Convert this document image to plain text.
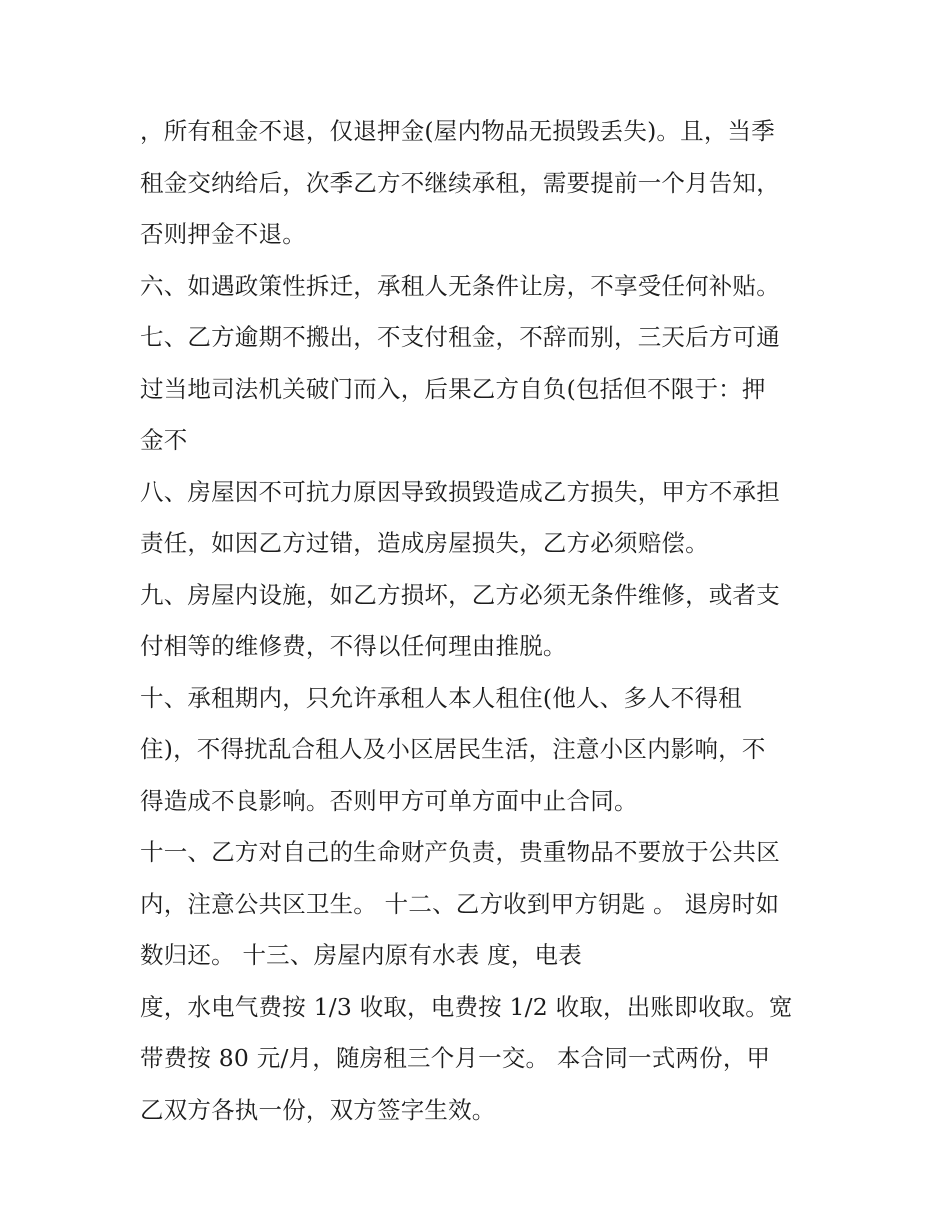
，所有租金不退，仅退押金(屋内物品无损毁丢失)。且，当季
租金交纳给后，次季乙方不继续承租，需要提前一个月告知，
否则押金不退。
六、如遇政策性拆迁，承租人无条件让房，不享受任何补贴。
七、乙方逾期不搬出，不支付租金，不辞而别，三天后方可通
过当地司法机关破门而入，后果乙方自负(包括但不限于：押
金不
八、房屋因不可抗力原因导致损毁造成乙方损失，甲方不承担
责任，如因乙方过错，造成房屋损失，乙方必须赔偿。
九、房屋内设施，如乙方损坏，乙方必须无条件维修，或者支
付相等的维修费，不得以任何理由推脱。
十、承租期内，只允许承租人本人租住(他人、多人不得租
住)，不得扰乱合租人及小区居民生活，注意小区内影响，不
得造成不良影响。否则甲方可单方面中止合同。
十一、乙方对自己的生命财产负责，贵重物品不要放于公共区
内，注意公共区卫生。 十二、乙方收到甲方钥匙 。 退房时如
数归还。 十三、房屋内原有水表 度，电表
度，水电气费按 1/3 收取，电费按 1/2 收取，出账即收取。宽
带费按 80 元/月，随房租三个月一交。 本合同一式两份，甲
乙双方各执一份，双方签字生效。
